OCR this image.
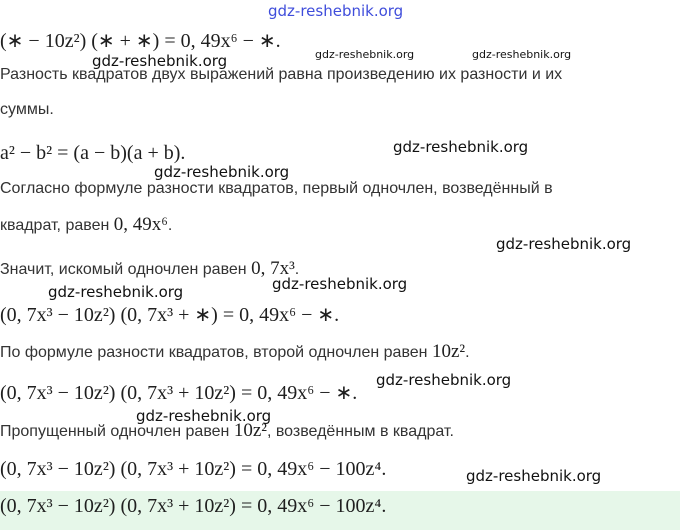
(∗ − 10z²) (∗ + ∗) = 0, 49x⁶ − ∗.
Разность квадратов двух выражений равна произведению их разности и их
суммы.
a² − b² = (a − b)(a + b).
Согласно формуле разности квадратов, первый одночлен, возведённый в
квадрат, равен 0, 49x⁶.
Значит, искомый одночлен равен 0, 7x³.
(0, 7x³ − 10z²) (0, 7x³ + ∗) = 0, 49x⁶ − ∗.
По формуле разности квадратов, второй одночлен равен 10z².
(0, 7x³ − 10z²) (0, 7x³ + 10z²) = 0, 49x⁶ − ∗.
Пропущенный одночлен равен 10z², возведённым в квадрат.
(0, 7x³ − 10z²) (0, 7x³ + 10z²) = 0, 49x⁶ − 100z⁴.
(0, 7x³ − 10z²) (0, 7x³ + 10z²) = 0, 49x⁶ − 100z⁴.
gdz-reshebnik.org
gdz-reshebnik.org	gdz-reshebnik.org
gdz-reshebnik.org
gdz-reshebnik.org
gdz-reshebnik.org
gdz-reshebnik.org
gdz-reshebnik.org
gdz-reshebnik.org
gdz-reshebnik.org
gdz-reshebnik.org
gdz-reshebnik.org
